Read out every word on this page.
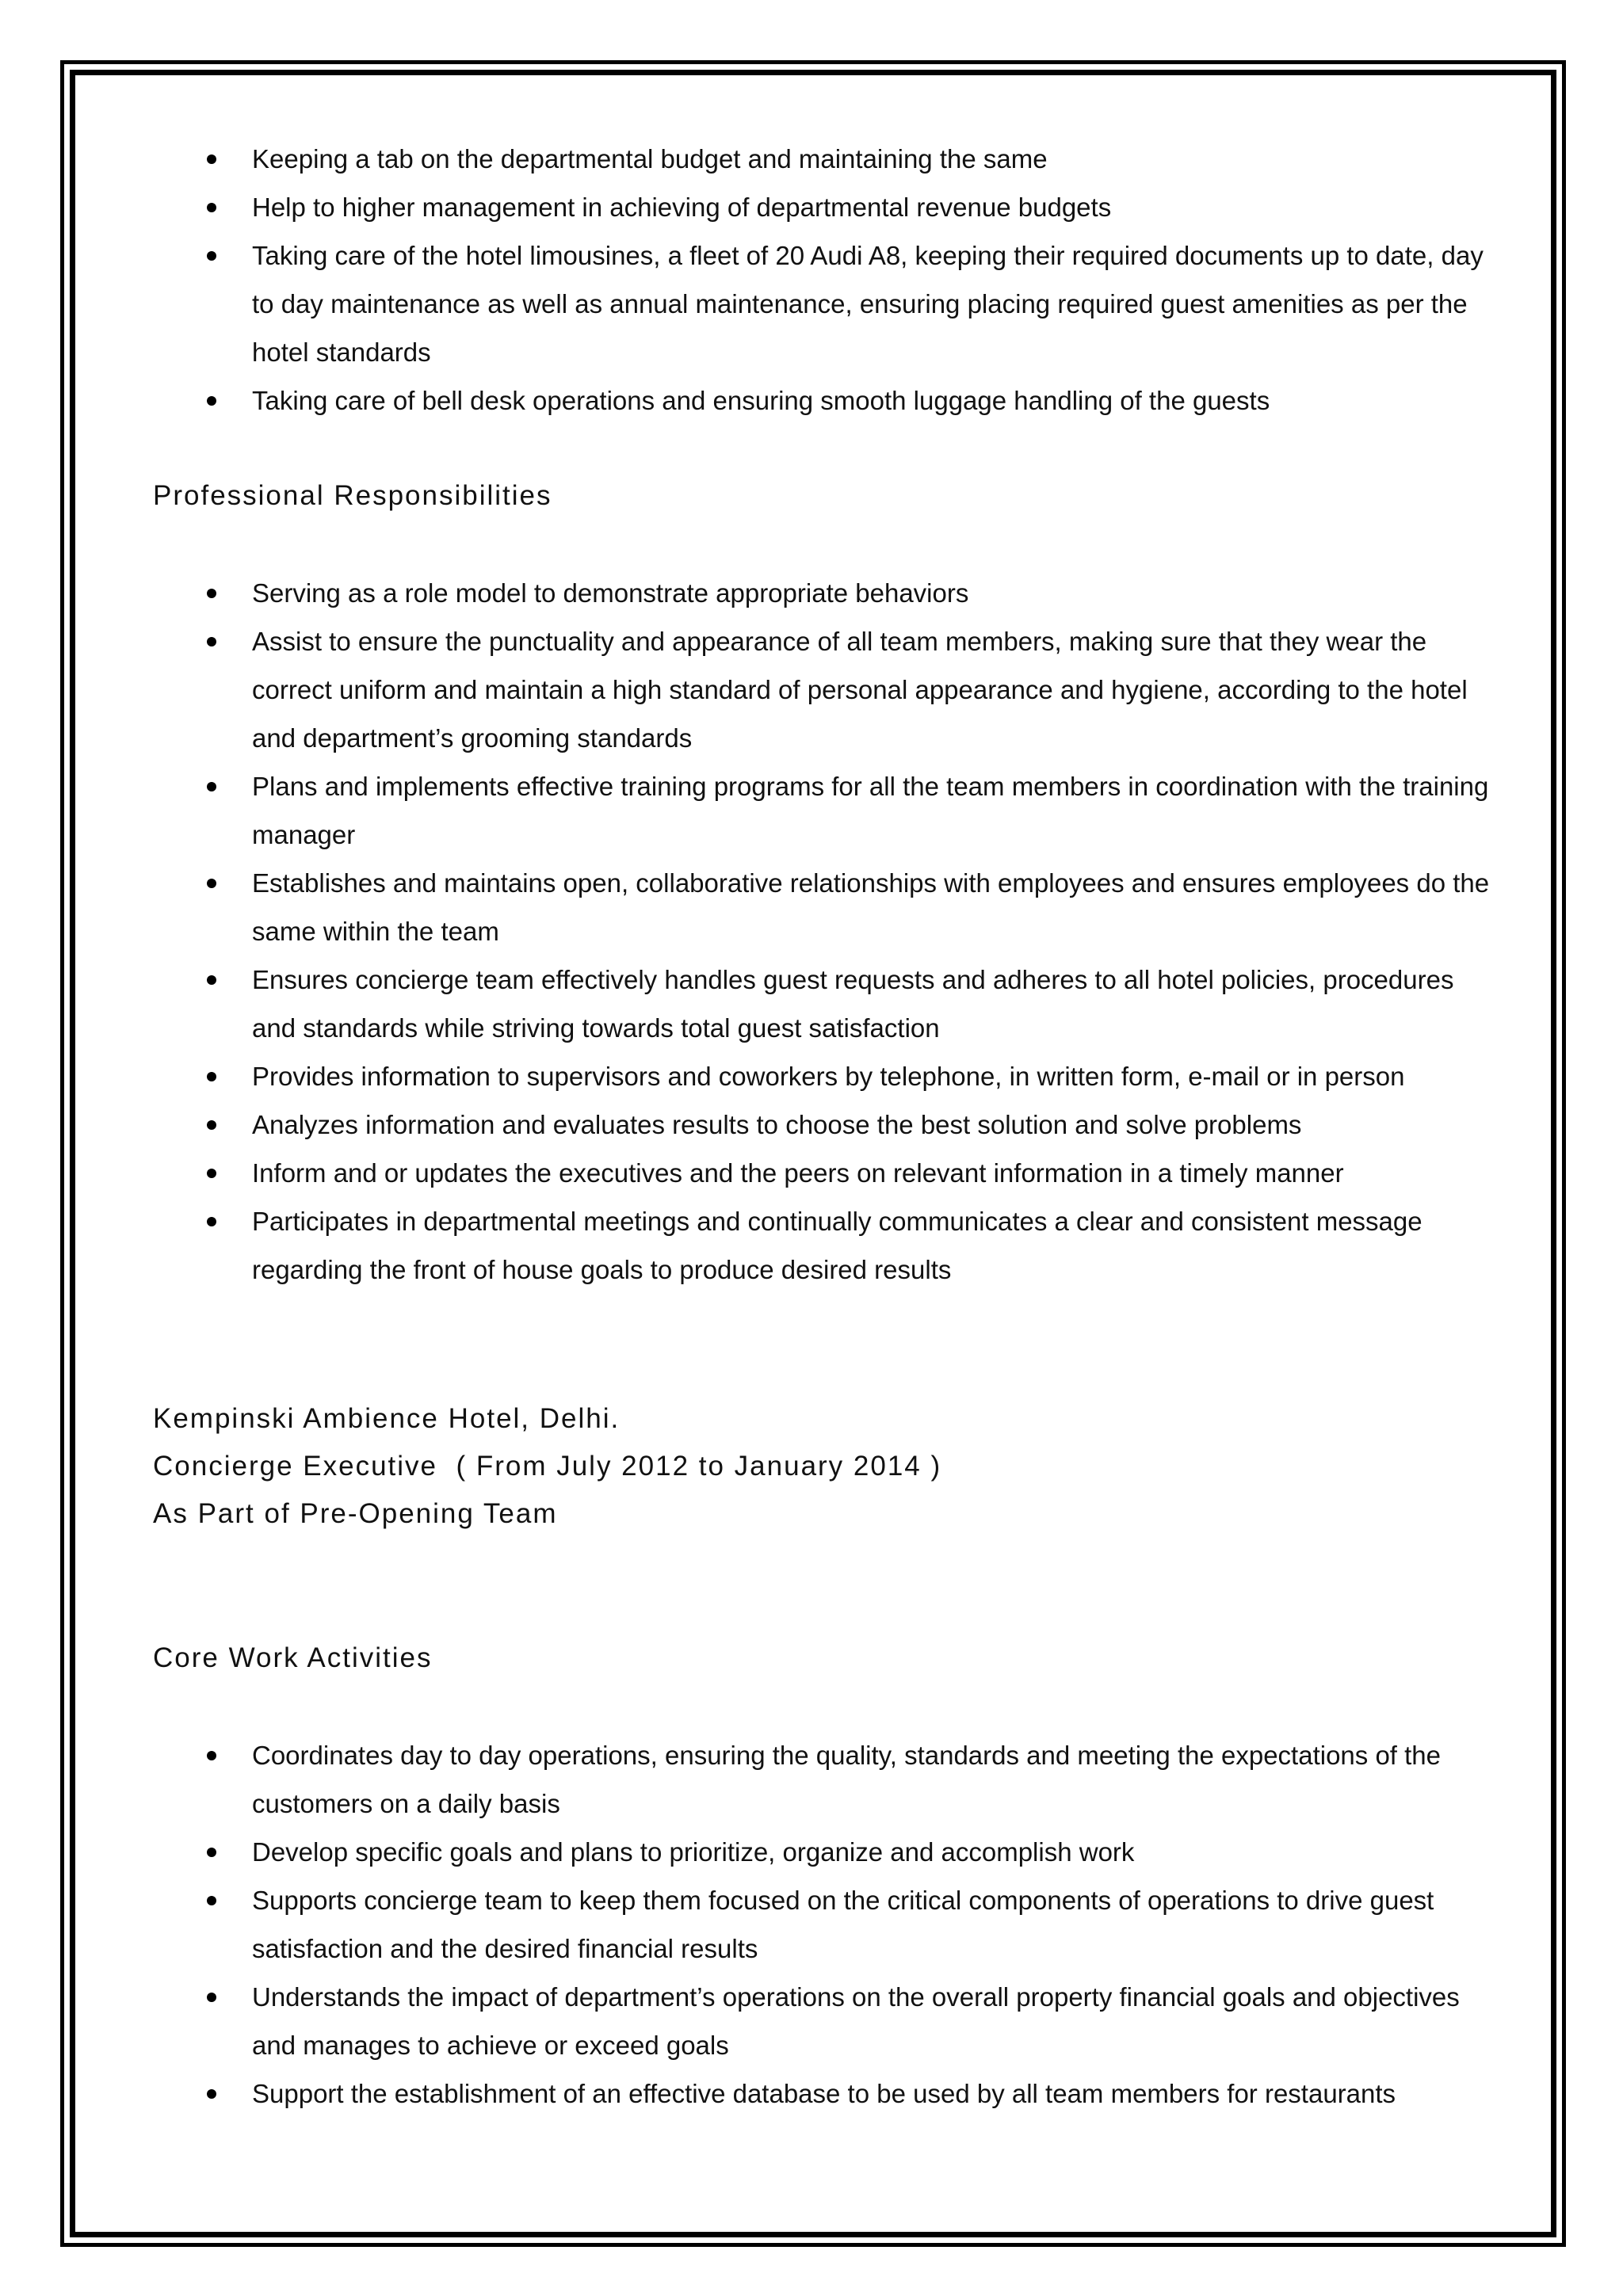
Keeping a tab on the departmental budget and maintaining the same
Help to higher management in achieving of departmental revenue budgets
Taking care of the hotel limousines, a fleet of 20 Audi A8, keeping their required documents up to date, day to day maintenance as well as annual maintenance, ensuring placing required guest amenities as per the hotel standards
Taking care of bell desk operations and ensuring smooth luggage handling of the guests
Professional Responsibilities
Serving as a role model to demonstrate appropriate behaviors
Assist to ensure the punctuality and appearance of all team members, making sure that they wear the correct uniform and maintain a high standard of personal appearance and hygiene, according to the hotel and department’s grooming standards
Plans and implements effective training programs for all the team members in coordination with the training manager
Establishes and maintains open, collaborative relationships with employees and ensures employees do the same within the team
Ensures concierge team effectively handles guest requests and adheres to all hotel policies, procedures and standards while striving towards total guest satisfaction
Provides information to supervisors and coworkers by telephone, in written form, e-mail or in person
Analyzes information and evaluates results to choose the best solution and solve problems
Inform and or updates the executives and the peers on relevant information in a timely manner
Participates in departmental meetings and continually communicates a clear and consistent message regarding the front of house goals to produce desired results
Kempinski Ambience Hotel, Delhi.
Concierge Executive  ( From July 2012 to January 2014 )
As Part of Pre-Opening Team
Core Work Activities
Coordinates day to day operations, ensuring the quality, standards and meeting the expectations of the customers on a daily basis
Develop specific goals and plans to prioritize, organize and accomplish work
Supports concierge team to keep them focused on the critical components of operations to drive guest satisfaction and the desired financial results
Understands the impact of department’s operations on the overall property financial goals and objectives and manages to achieve or exceed goals
Support the establishment of an effective database to be used by all team members for restaurants
